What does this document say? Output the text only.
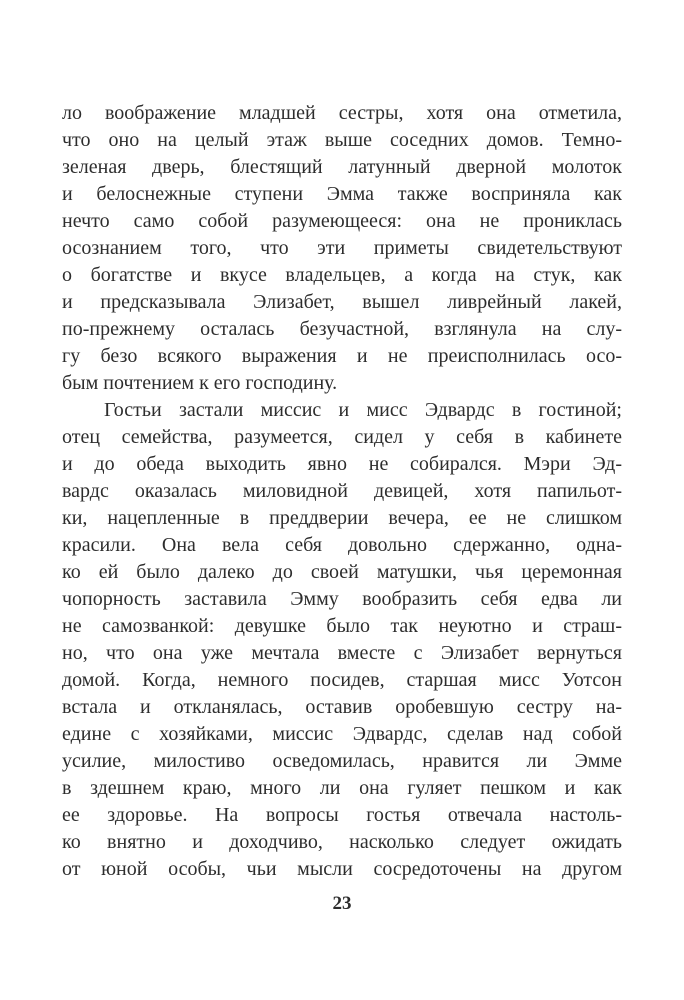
ло воображение младшей сестры, хотя она отметила,
что оно на целый этаж выше соседних домов. Темно-
зеленая дверь, блестящий латунный дверной молоток
и белоснежные ступени Эмма также восприняла как
нечто само собой разумеющееся: она не прониклась
осознанием того, что эти приметы свидетельствуют
о богатстве и вкусе владельцев, а когда на стук, как
и предсказывала Элизабет, вышел ливрейный лакей,
по-прежнему осталась безучастной, взглянула на слу-
гу безо всякого выражения и не преисполнилась осо-
бым почтением к его господину.
Гостьи застали миссис и мисс Эдвардс в гостиной;
отец семейства, разумеется, сидел у себя в кабинете
и до обеда выходить явно не собирался. Мэри Эд-
вардс оказалась миловидной девицей, хотя папильот-
ки, нацепленные в преддверии вечера, ее не слишком
красили. Она вела себя довольно сдержанно, одна-
ко ей было далеко до своей матушки, чья церемонная
чопорность заставила Эмму вообразить себя едва ли
не самозванкой: девушке было так неуютно и страш-
но, что она уже мечтала вместе с Элизабет вернуться
домой. Когда, немного посидев, старшая мисс Уотсон
встала и откланялась, оставив оробевшую сестру на-
едине с хозяйками, миссис Эдвардс, сделав над собой
усилие, милостиво осведомилась, нравится ли Эмме
в здешнем краю, много ли она гуляет пешком и как
ее здоровье. На вопросы гостья отвечала настоль-
ко внятно и доходчиво, насколько следует ожидать
от юной особы, чьи мысли сосредоточены на другом
23
